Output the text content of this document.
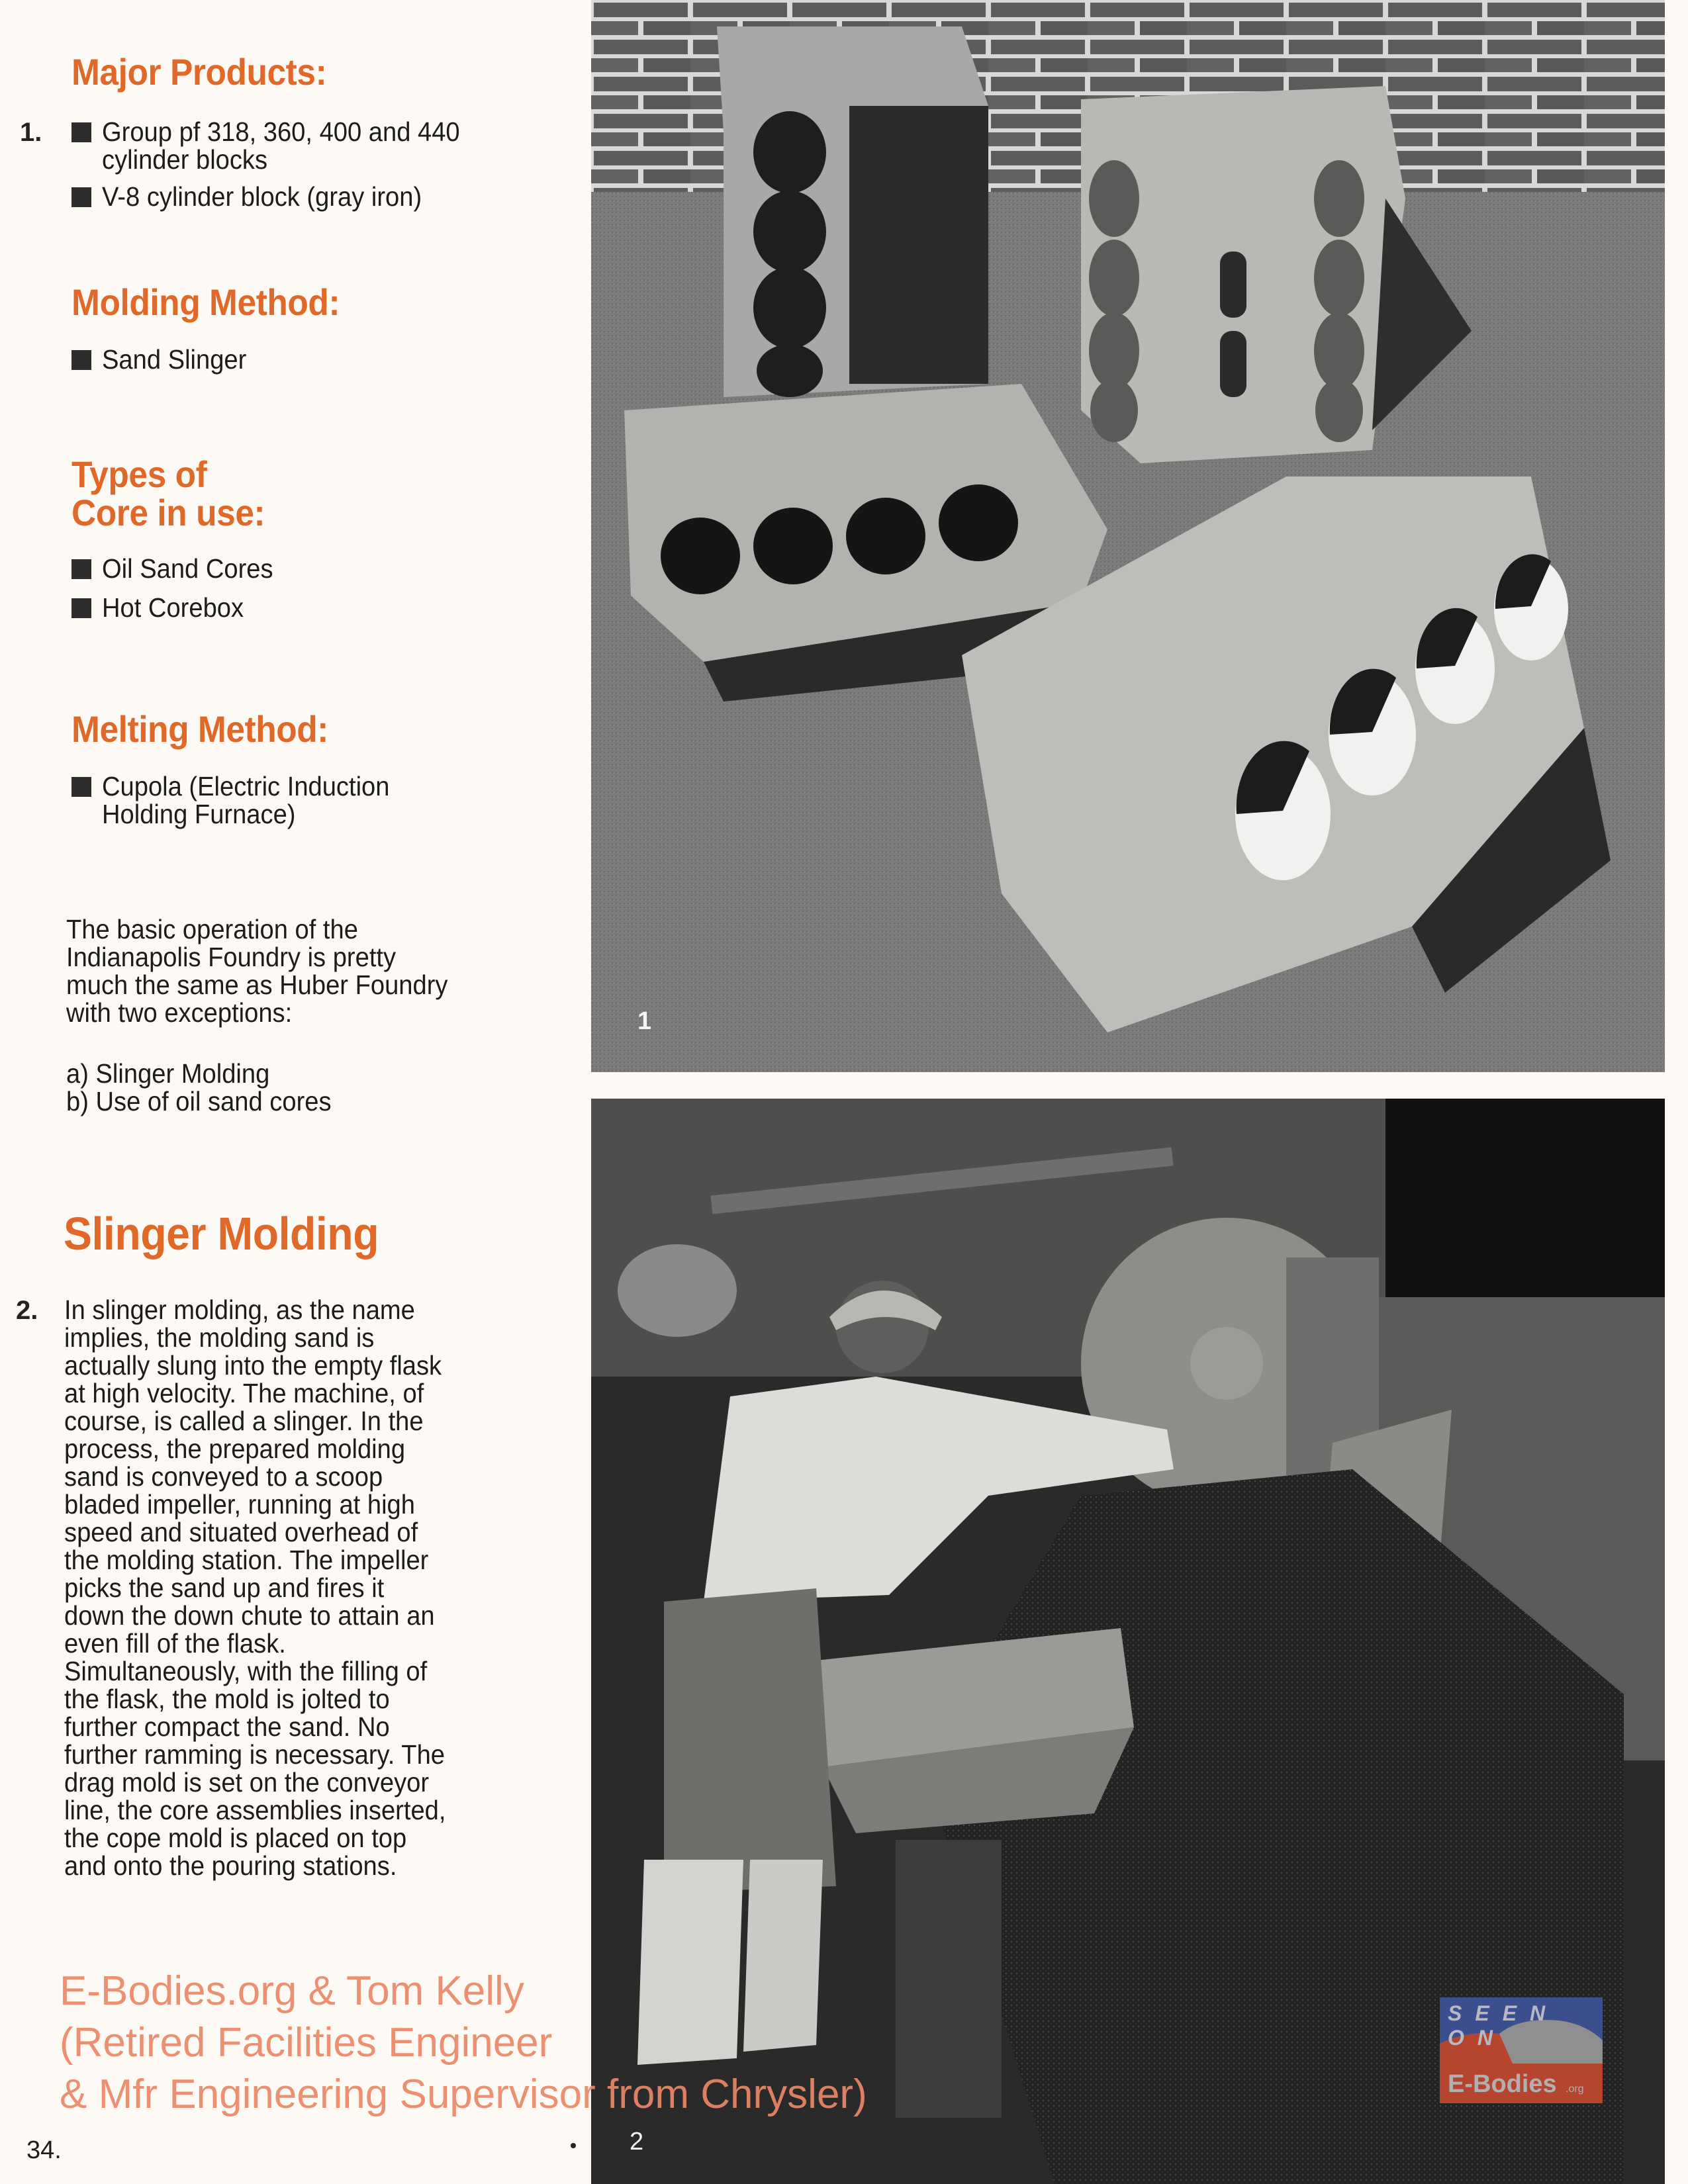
Major Products:
1. Group pf 318, 360, 400 and 440
cylinder blocks
V-8 cylinder block (gray iron)
Molding Method:
Sand Slinger
Types of
Core in use:
Oil Sand Cores
Hot Corebox
Melting Method:
Cupola (Electric Induction
Holding Furnace)
The basic operation of the
Indianapolis Foundry is pretty
much the same as Huber Foundry
with two exceptions:
a) Slinger Molding
b) Use of oil sand cores
Slinger Molding
2. In slinger molding, as the name
implies, the molding sand is
actually slung into the empty flask
at high velocity. The machine, of
course, is called a slinger. In the
process, the prepared molding
sand is conveyed to a scoop
bladed impeller, running at high
speed and situated overhead of
the molding station. The impeller
picks the sand up and fires it
down the down chute to attain an
even fill of the flask.
Simultaneously, with the filling of
the flask, the mold is jolted to
further compact the sand. No
further ramming is necessary. The
drag mold is set on the conveyor
line, the core assemblies inserted,
the cope mold is placed on top
and onto the pouring stations.
1
2
SEEN ON
E-Bodies .org
E-Bodies.org & Tom Kelly
(Retired Facilities Engineer
& Mfr Engineering Supervisor from Chrysler)
34.
